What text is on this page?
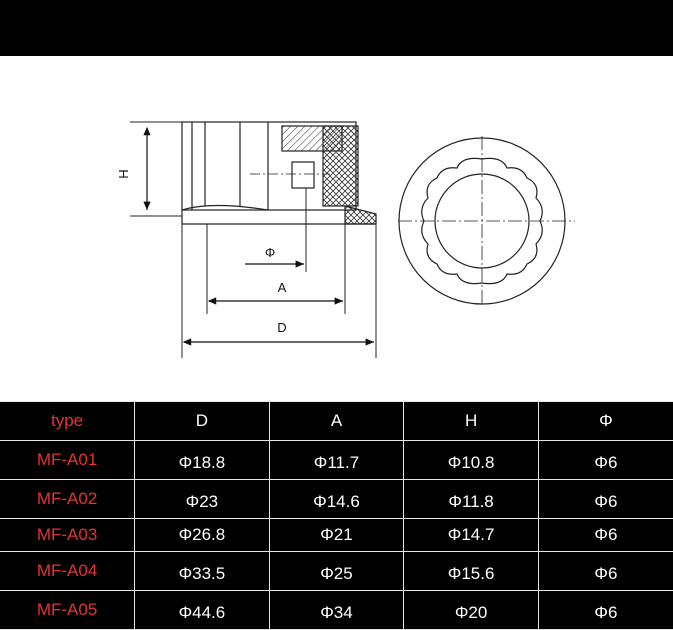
H
Φ
A
D
type	D	A	H	Φ
MF-A01	Φ18.8	Φ11.7	Φ10.8	Φ6
MF-A02	Φ23	Φ14.6	Φ11.8	Φ6
MF-A03	Φ26.8	Φ21	Φ14.7	Φ6
MF-A04	Φ33.5	Φ25	Φ15.6	Φ6
MF-A05	Φ44.6	Φ34	Φ20	Φ6
